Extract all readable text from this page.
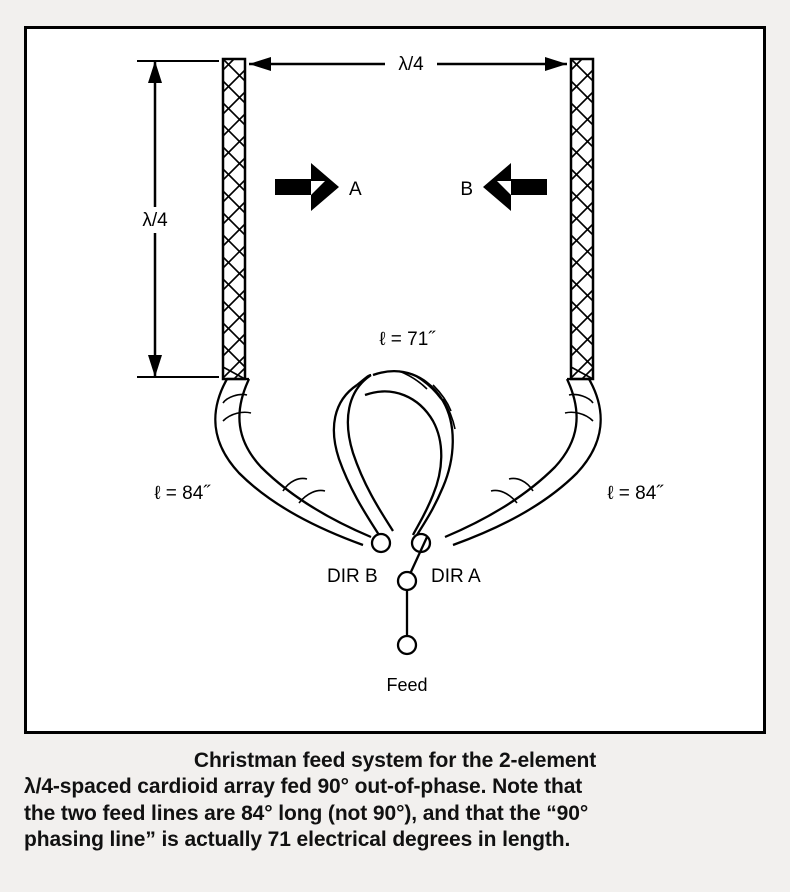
λ/4
λ/4
A	B
ℓ = 71˝
ℓ = 84˝	ℓ = 84˝
DIR B	DIR A
Feed
Christman feed system for the 2-element
λ/4-spaced cardioid array fed 90° out-of-phase. Note that
the two feed lines are 84° long (not 90°), and that the “90°
phasing line” is actually 71 electrical degrees in length.
